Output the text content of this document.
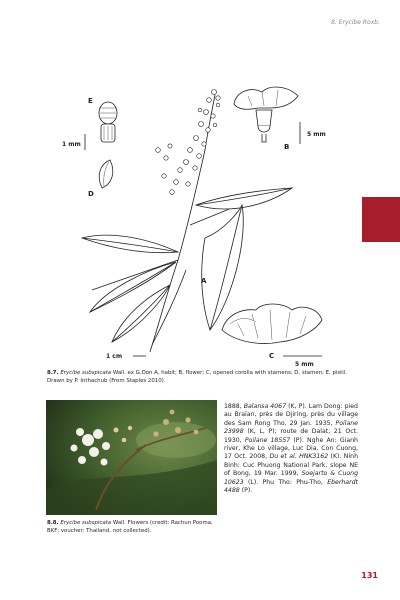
8. Erycibe Roxb.
E
B
D
A
C
1 mm
5 mm
1 cm
5 mm
8.7. Erycibe subspicata Wall. ex G.Don A, habit; B, flower; C, opened corolla with stamens; D, stamen; E, pistil. Drawn by P. Inthachub (From Staples 2010).
8.8. Erycibe subspicata Wall. Flowers (credit: Rachun Pooma, BKF; voucher: Thailand, not collected).
1888, Balansa 4067 (K, P). Lam Dong: pied au Braïan, près de Djiring, près du village des Sam Rong Tho, 29 Jan. 1935, Poilane 23998 (K, L, P); route de Dalat, 21 Oct. 1930, Poilane 18557 (P). Nghe An: Gianh river, Khe Lo village, Luc Dia, Con Cuong, 17 Oct. 2008, Du et al. HNK3162 (K). Ninh Binh: Cuc Phuong National Park, slope NE of Bong, 19 Mar. 1999, Soejarto & Cuong 10623 (L). Phu Tho: Phu-Tho, Eberhardt 4488 (P).
131
